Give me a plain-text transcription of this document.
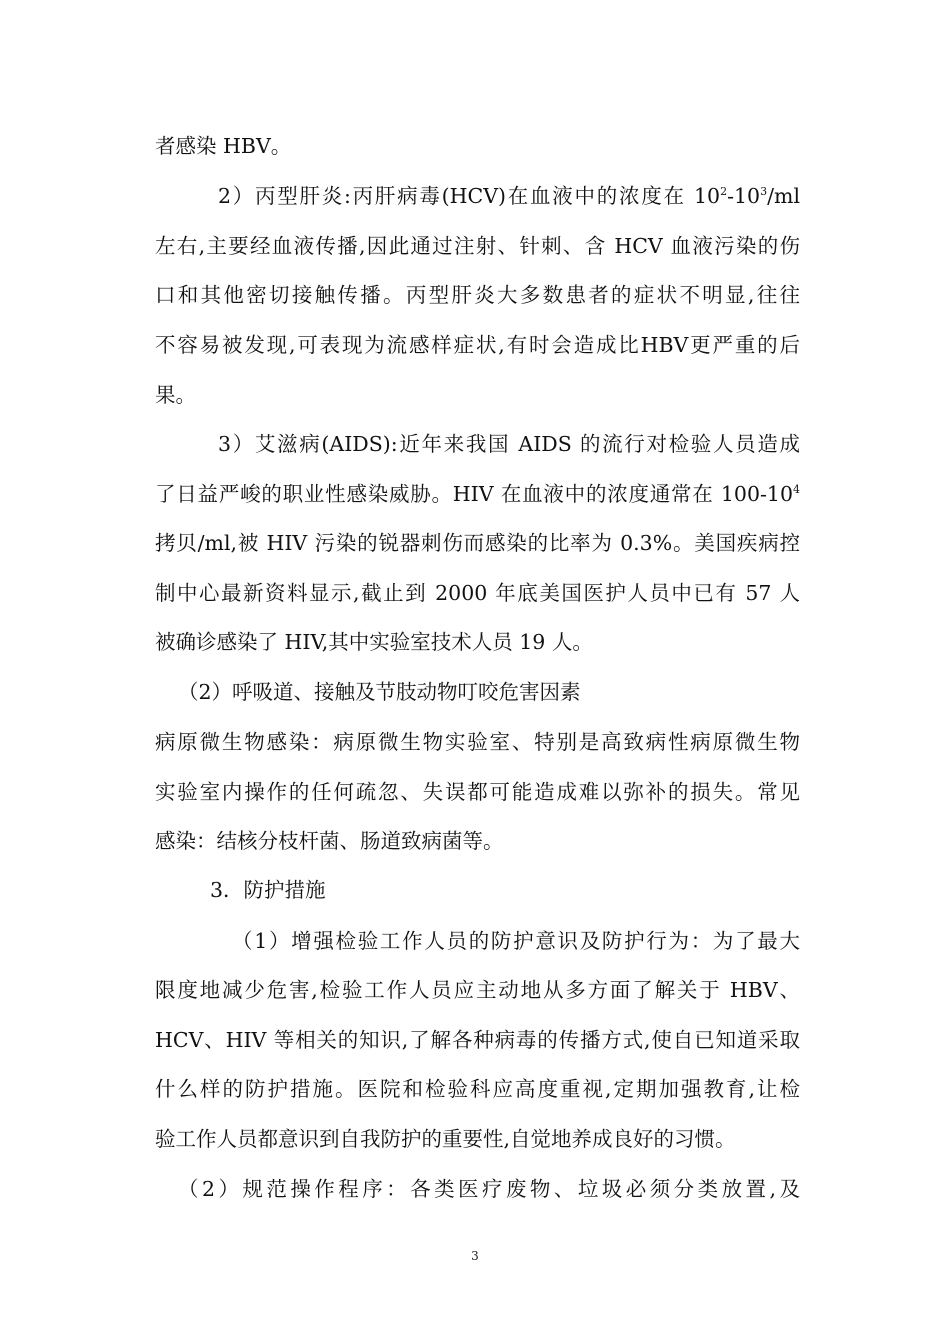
者感染 HBV。
2）丙型肝炎:丙肝病毒(HCV)在血液中的浓度在 $10^2-10^3/ml$
左右,主要经血液传播,因此通过注射、针刺、含 HCV 血液污染的伤
口和其他密切接触传播。丙型肝炎大多数患者的症状不明显,往往
不容易被发现,可表现为流感样症状,有时会造成比HBV更严重的后
果。
3）艾滋病(AIDS):近年来我国 AIDS 的流行对检验人员造成
了日益严峻的职业性感染威胁。HIV 在血液中的浓度通常在 $100-10^4$
拷贝/ml,被 HIV 污染的锐器刺伤而感染的比率为 0.3%。美国疾病控
制中心最新资料显示,截止到 2000 年底美国医护人员中已有 57 人
被确诊感染了 HIV,其中实验室技术人员 19 人。
（2）呼吸道、接触及节肢动物叮咬危害因素
病原微生物感染：病原微生物实验室、特别是高致病性病原微生物
实验室内操作的任何疏忽、失误都可能造成难以弥补的损失。常见
感染：结核分枝杆菌、肠道致病菌等。
3．防护措施
（1）增强检验工作人员的防护意识及防护行为：为了最大
限度地减少危害,检验工作人员应主动地从多方面了解关于 HBV、
HCV、HIV 等相关的知识,了解各种病毒的传播方式,使自已知道采取
什么样的防护措施。医院和检验科应高度重视,定期加强教育,让检
验工作人员都意识到自我防护的重要性,自觉地养成良好的习惯。
（2）规范操作程序：各类医疗废物、垃圾必须分类放置,及
3
